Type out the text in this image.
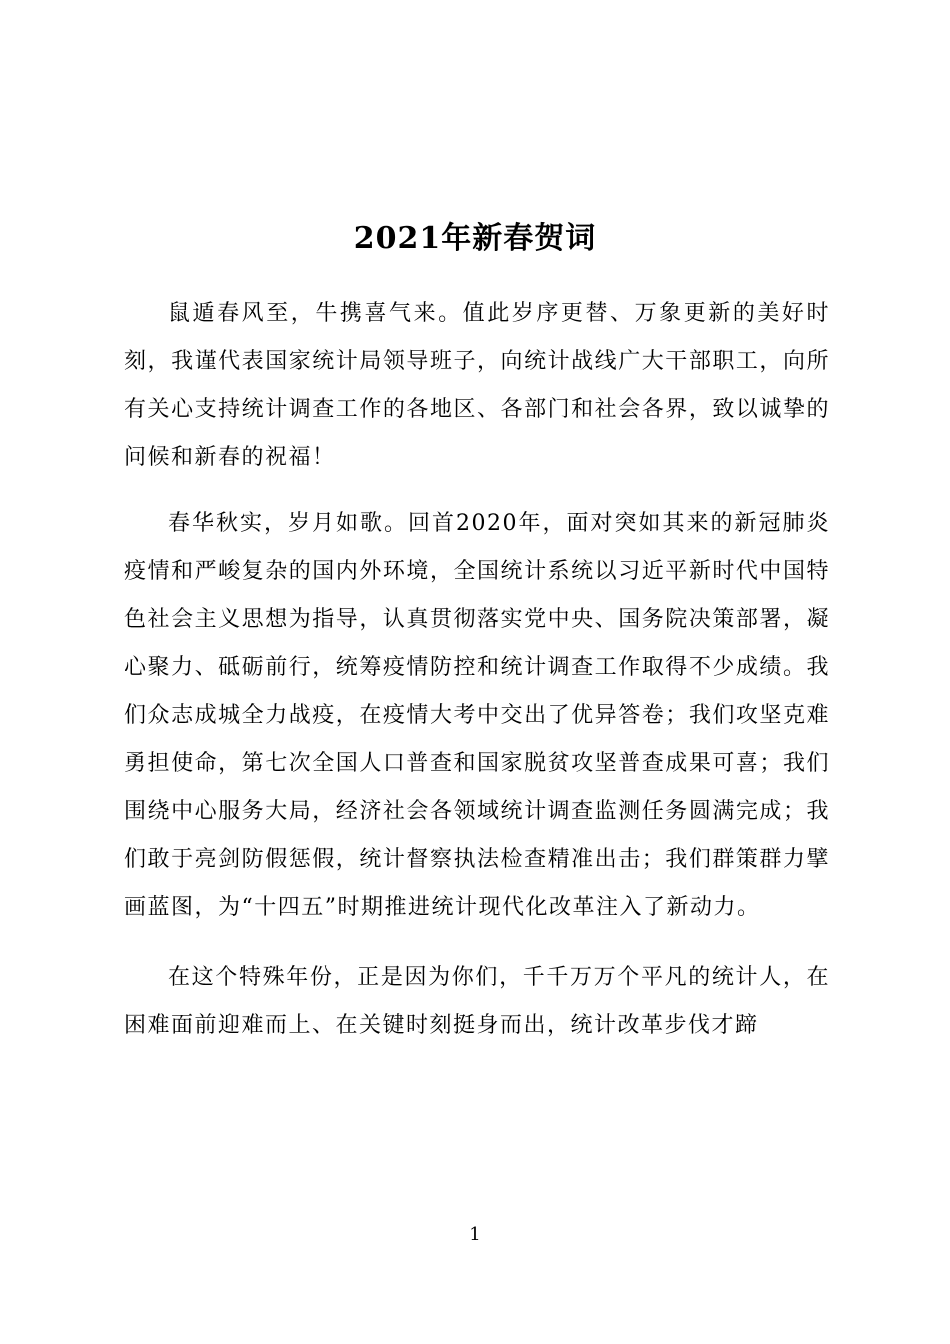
2021年新春贺词

鼠遁春风至，牛携喜气来。值此岁序更替、万象更新的美好时刻，我谨代表国家统计局领导班子，向统计战线广大干部职工，向所有关心支持统计调查工作的各地区、各部门和社会各界，致以诚挚的问候和新春的祝福！

春华秋实，岁月如歌。回首2020年，面对突如其来的新冠肺炎疫情和严峻复杂的国内外环境，全国统计系统以习近平新时代中国特色社会主义思想为指导，认真贯彻落实党中央、国务院决策部署，凝心聚力、砥砺前行，统筹疫情防控和统计调查工作取得不少成绩。我们众志成城全力战疫，在疫情大考中交出了优异答卷；我们攻坚克难勇担使命，第七次全国人口普查和国家脱贫攻坚普查成果可喜；我们围绕中心服务大局，经济社会各领域统计调查监测任务圆满完成；我们敢于亮剑防假惩假，统计督察执法检查精准出击；我们群策群力擘画蓝图，为“十四五”时期推进统计现代化改革注入了新动力。

在这个特殊年份，正是因为你们，千千万万个平凡的统计人，在困难面前迎难而上、在关键时刻挺身而出，统计改革步伐才蹄

1
